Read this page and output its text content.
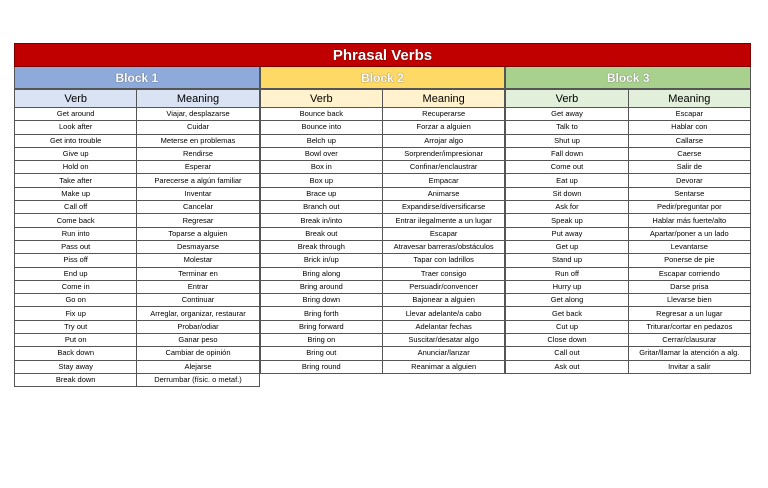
Phrasal Verbs
Block 1
Verb	Meaning
Get around	Viajar, desplazarse
Look after	Cuidar
Get into trouble	Meterse en problemas
Give up	Rendirse
Hold on	Esperar
Take after	Parecerse a algún familiar
Make up	Inventar
Call off	Cancelar
Come back	Regresar
Run into	Toparse a alguien
Pass out	Desmayarse
Piss off	Molestar
End up	Terminar en
Come in	Entrar
Go on	Continuar
Fix up	Arreglar, organizar, restaurar
Try out	Probar/odiar
Put on	Ganar peso
Back down	Cambiar de opinión
Stay away	Alejarse
Break down	Derrumbar (físic. o metaf.)
Block 2
Verb	Meaning
Bounce back	Recuperarse
Bounce into	Forzar a alguien
Belch up	Arrojar algo
Bowl over	Sorprender/impresionar
Box in	Confinar/enclaustrar
Box up	Empacar
Brace up	Animarse
Branch out	Expandirse/diversificarse
Break in/into	Entrar ilegalmente a un lugar
Break out	Escapar
Break through	Atravesar barreras/obstáculos
Brick in/up	Tapar con ladrillos
Bring along	Traer consigo
Bring around	Persuadir/convencer
Bring down	Bajonear a alguien
Bring forth	Llevar adelante/a cabo
Bring forward	Adelantar fechas
Bring on	Suscitar/desatar algo
Bring out	Anunciar/lanzar
Bring round	Reanimar a alguien
Block 3
Verb	Meaning
Get away	Escapar
Talk to	Hablar con
Shut up	Callarse
Fall down	Caerse
Come out	Salir de
Eat up	Devorar
Sit down	Sentarse
Ask for	Pedir/preguntar por
Speak up	Hablar más fuerte/alto
Put away	Apartar/poner a un lado
Get up	Levantarse
Stand up	Ponerse de pie
Run off	Escapar corriendo
Hurry up	Darse prisa
Get along	Llevarse bien
Get back	Regresar a un lugar
Cut up	Triturar/cortar en pedazos
Close down	Cerrar/clausurar
Call out	Gritar/llamar la atención a alg.
Ask out	Invitar a salir
